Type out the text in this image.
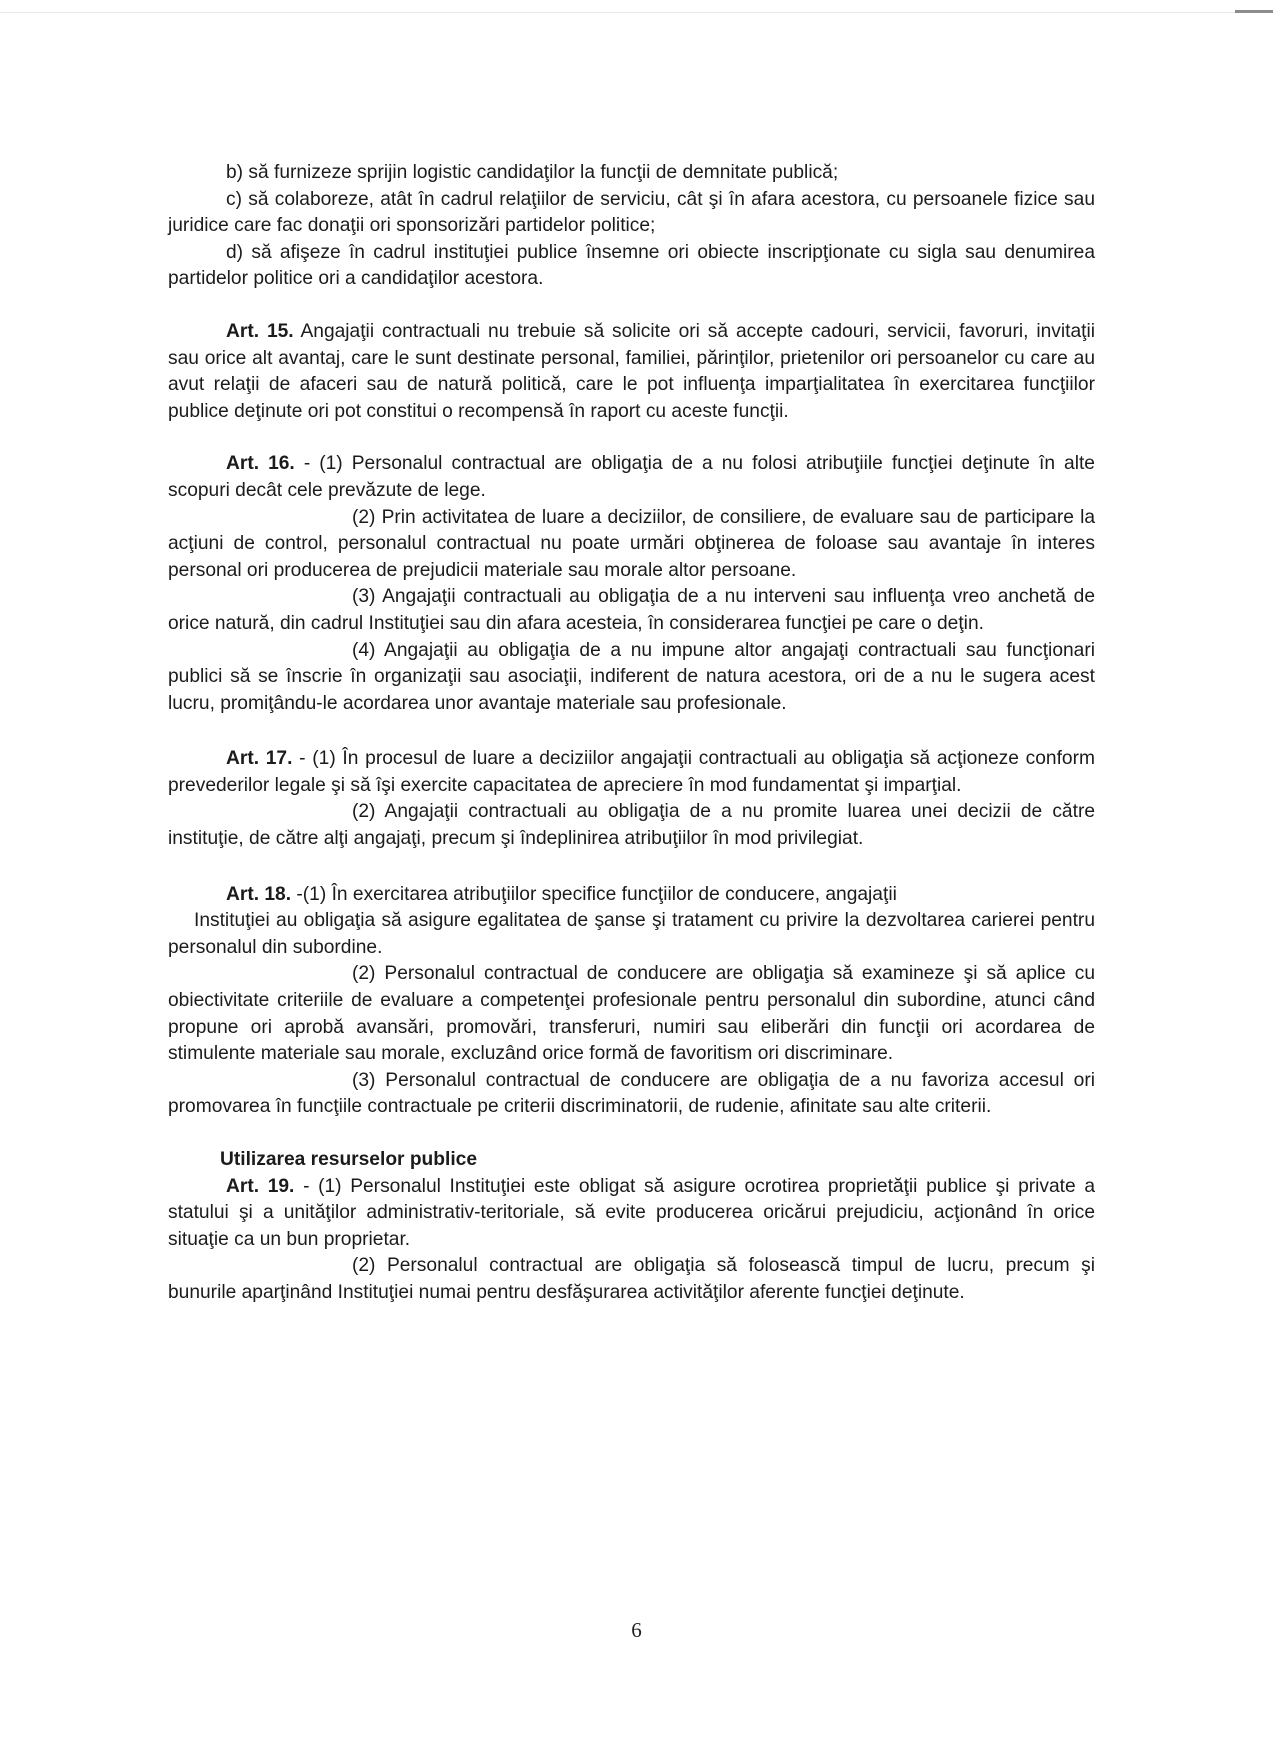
b) să furnizeze sprijin logistic candidaţilor la funcţii de demnitate publică;

c) să colaboreze, atât în cadrul relaţiilor de serviciu, cât şi în afara acestora, cu persoanele fizice sau juridice care fac donaţii ori sponsorizări partidelor politice;

d) să afişeze în cadrul instituţiei publice însemne ori obiecte inscripţionate cu sigla sau denumirea partidelor politice ori a candidaţilor acestora.

Art. 15. Angajaţii contractuali nu trebuie să solicite ori să accepte cadouri, servicii, favoruri, invitaţii sau orice alt avantaj, care le sunt destinate personal, familiei, părinţilor, prietenilor ori persoanelor cu care au avut relaţii de afaceri sau de natură politică, care le pot influenţa imparţialitatea în exercitarea funcţiilor publice deţinute ori pot constitui o recompensă în raport cu aceste funcţii.

Art. 16. - (1) Personalul contractual are obligaţia de a nu folosi atribuţiile funcţiei deţinute în alte scopuri decât cele prevăzute de lege.

(2) Prin activitatea de luare a deciziilor, de consiliere, de evaluare sau de participare la acţiuni de control, personalul contractual nu poate urmări obţinerea de foloase sau avantaje în interes personal ori producerea de prejudicii materiale sau morale altor persoane.

(3) Angajaţii contractuali au obligaţia de a nu interveni sau influenţa vreo anchetă de orice natură, din cadrul Instituţiei sau din afara acesteia, în considerarea funcţiei pe care o deţin.

(4) Angajaţii au obligaţia de a nu impune altor angajaţi contractuali sau funcţionari publici să se înscrie în organizaţii sau asociaţii, indiferent de natura acestora, ori de a nu le sugera acest lucru, promiţându-le acordarea unor avantaje materiale sau profesionale.

Art. 17. - (1) În procesul de luare a deciziilor angajaţii contractuali au obligaţia să acţioneze conform prevederilor legale şi să îşi exercite capacitatea de apreciere în mod fundamentat şi imparţial.

(2) Angajaţii contractuali au obligaţia de a nu promite luarea unei decizii de către instituţie, de către alţi angajaţi, precum şi îndeplinirea atribuţiilor în mod privilegiat.

Art. 18. -(1) În exercitarea atribuţiilor specifice funcţiilor de conducere, angajaţii

Instituţiei au obligaţia să asigure egalitatea de şanse şi tratament cu privire la dezvoltarea carierei pentru personalul din subordine.

(2) Personalul contractual de conducere are obligaţia să examineze şi să aplice cu obiectivitate criteriile de evaluare a competenţei profesionale pentru personalul din subordine, atunci când propune ori aprobă avansări, promovări, transferuri, numiri sau eliberări din funcţii ori acordarea de stimulente materiale sau morale, excluzând orice formă de favoritism ori discriminare.

(3) Personalul contractual de conducere are obligaţia de a nu favoriza accesul ori promovarea în funcţiile contractuale pe criterii discriminatorii, de rudenie, afinitate sau alte criterii.

Utilizarea resurselor publice

Art. 19. - (1) Personalul Instituţiei este obligat să asigure ocrotirea proprietăţii publice şi private a statului şi a unităţilor administrativ-teritoriale, să evite producerea oricărui prejudiciu, acţionând în orice situaţie ca un bun proprietar.

(2) Personalul contractual are obligaţia să folosească timpul de lucru, precum şi bunurile aparţinând Instituţiei numai pentru desfăşurarea activităţilor aferente funcţiei deţinute.

6
